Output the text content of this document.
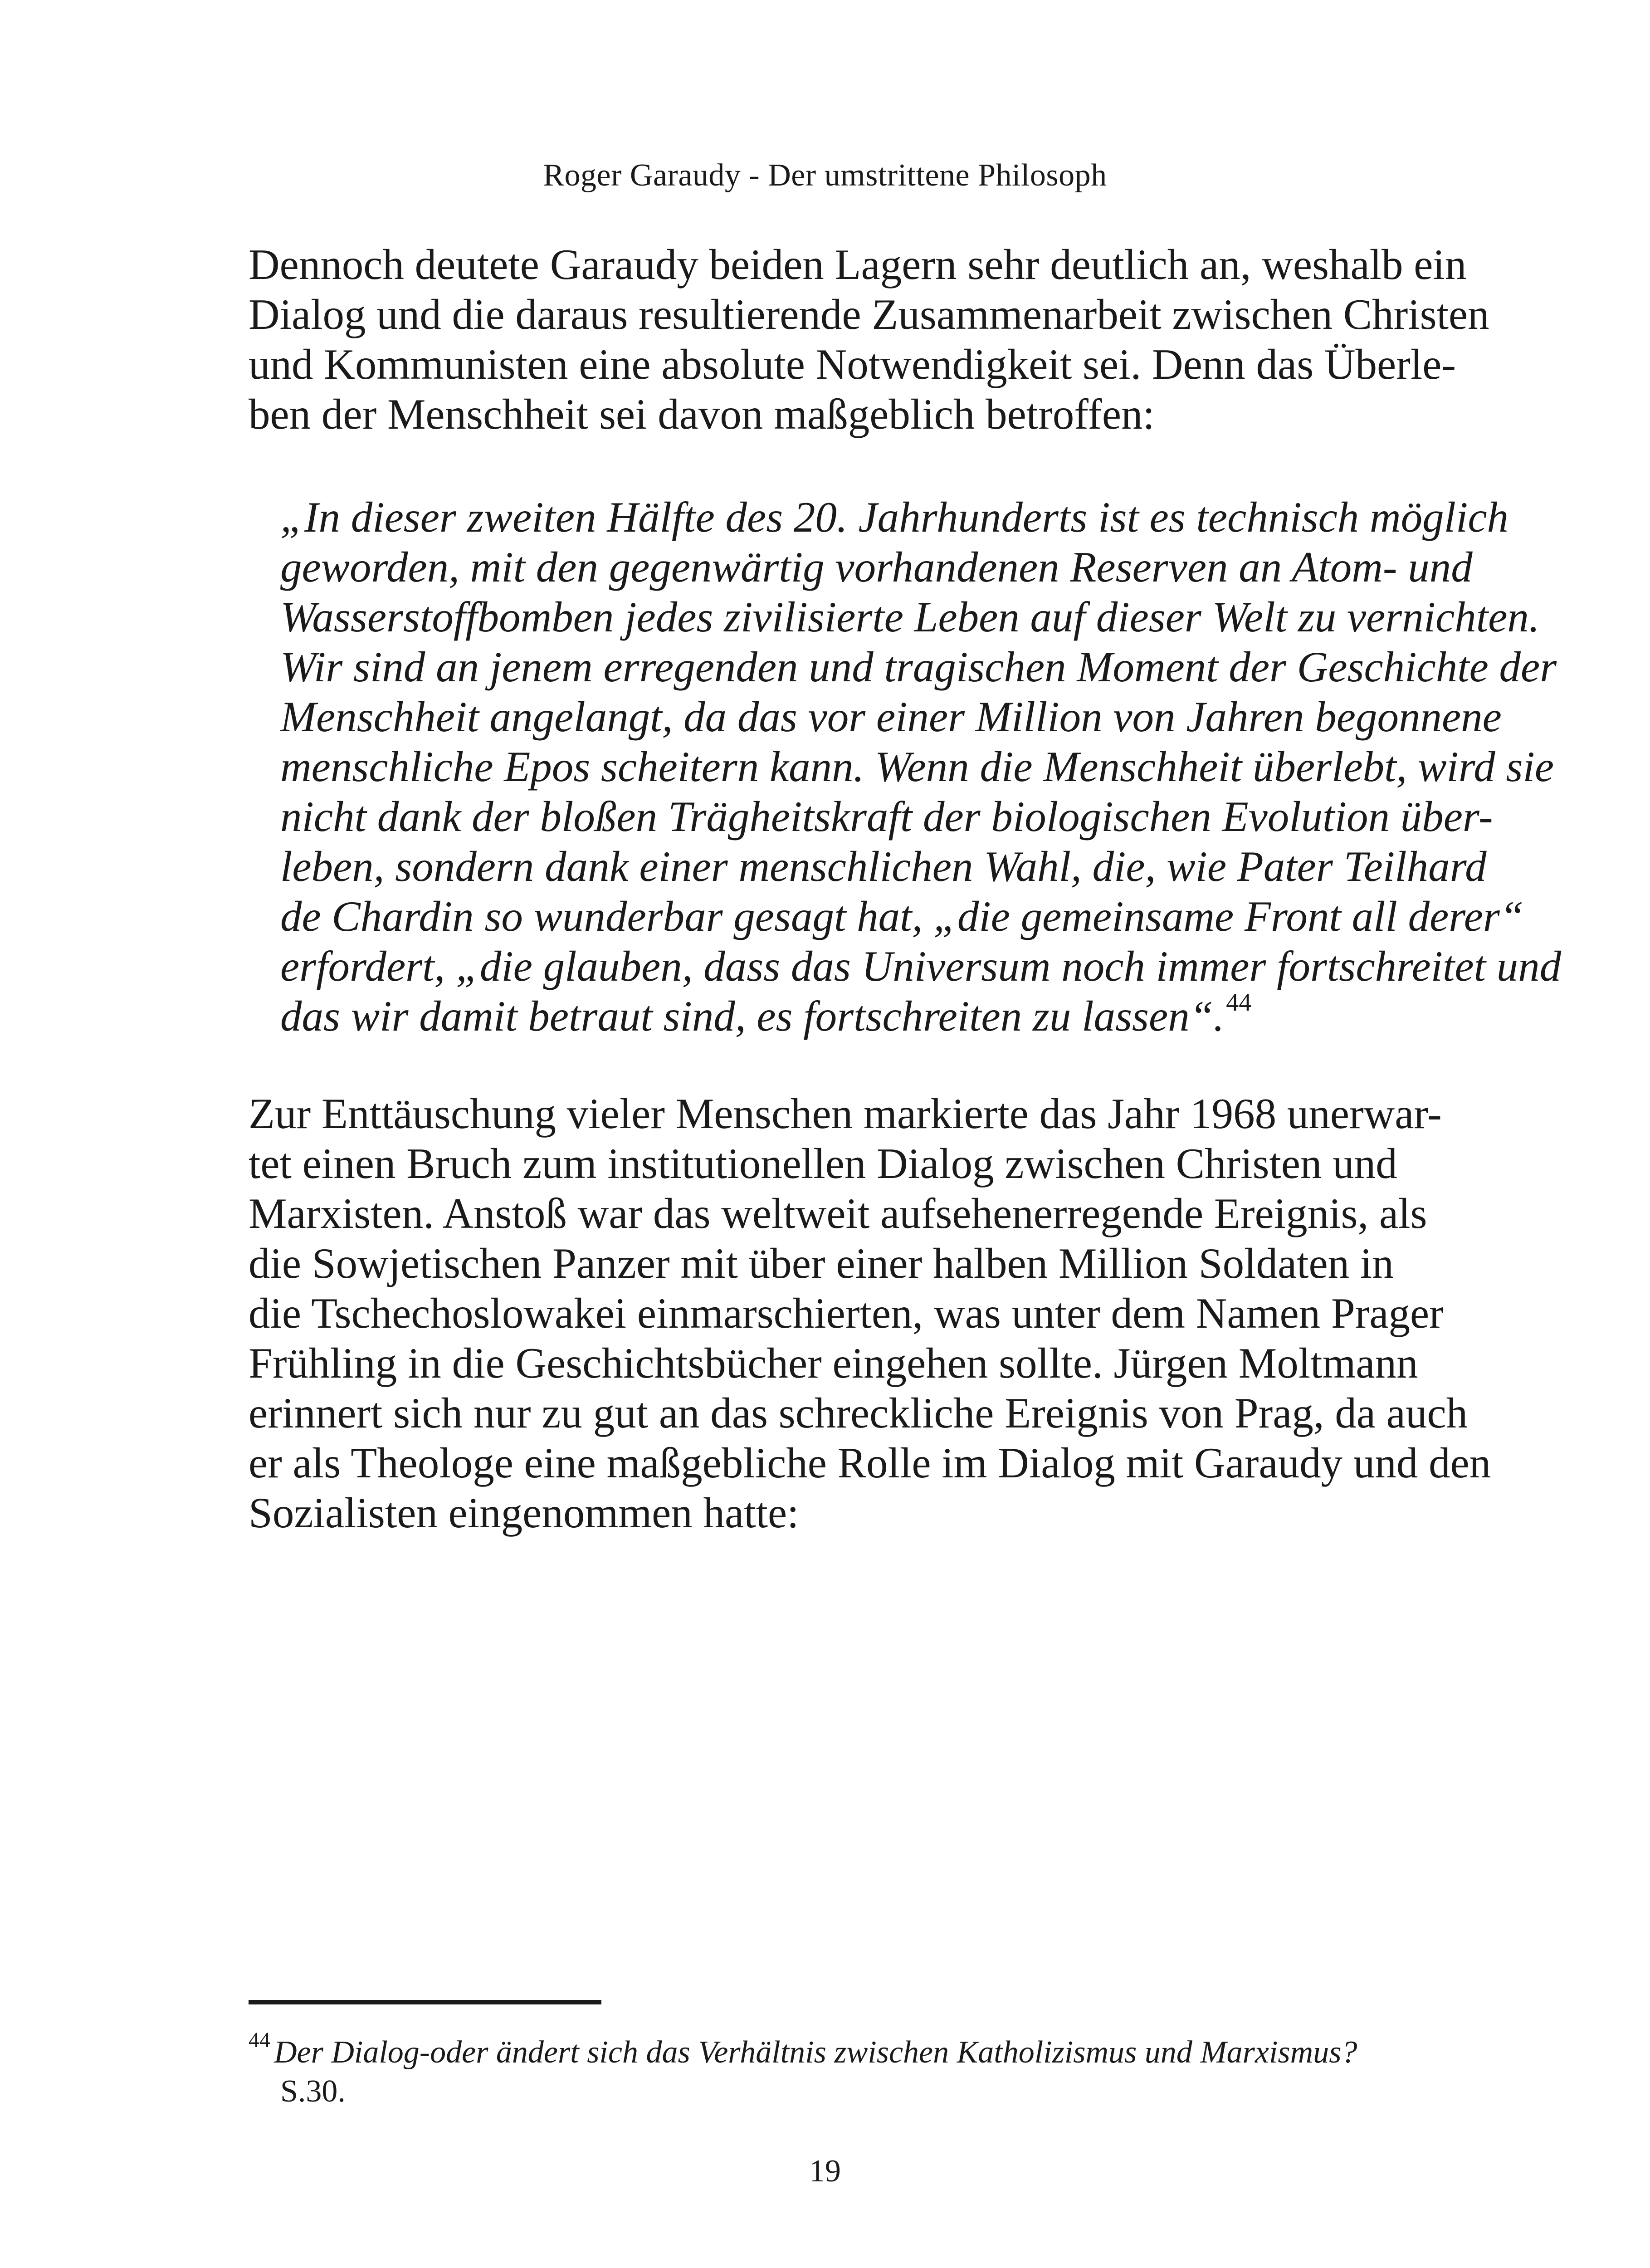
Roger Garaudy - Der umstrittene Philosoph

Dennoch deutete Garaudy beiden Lagern sehr deutlich an, weshalb ein
Dialog und die daraus resultierende Zusammenarbeit zwischen Christen
und Kommunisten eine absolute Notwendigkeit sei. Denn das Überle-
ben der Menschheit sei davon maßgeblich betroffen:

„In dieser zweiten Hälfte des 20. Jahrhunderts ist es technisch möglich
geworden, mit den gegenwärtig vorhandenen Reserven an Atom- und
Wasserstoffbomben jedes zivilisierte Leben auf dieser Welt zu vernichten.
Wir sind an jenem erregenden und tragischen Moment der Geschichte der
Menschheit angelangt, da das vor einer Million von Jahren begonnene
menschliche Epos scheitern kann. Wenn die Menschheit überlebt, wird sie
nicht dank der bloßen Trägheitskraft der biologischen Evolution über-
leben, sondern dank einer menschlichen Wahl, die, wie Pater Teilhard
de Chardin so wunderbar gesagt hat, „die gemeinsame Front all derer“
erfordert, „die glauben, dass das Universum noch immer fortschreitet und
das wir damit betraut sind, es fortschreiten zu lassen“.$^{44}$

Zur Enttäuschung vieler Menschen markierte das Jahr 1968 unerwar-
tet einen Bruch zum institutionellen Dialog zwischen Christen und
Marxisten. Anstoß war das weltweit aufsehenerregende Ereignis, als
die Sowjetischen Panzer mit über einer halben Million Soldaten in
die Tschechoslowakei einmarschierten, was unter dem Namen Prager
Frühling in die Geschichtsbücher eingehen sollte. Jürgen Moltmann
erinnert sich nur zu gut an das schreckliche Ereignis von Prag, da auch
er als Theologe eine maßgebliche Rolle im Dialog mit Garaudy und den
Sozialisten eingenommen hatte:

$^{44}$ Der Dialog-oder ändert sich das Verhältnis zwischen Katholizismus und Marxismus?
S.30.
19
